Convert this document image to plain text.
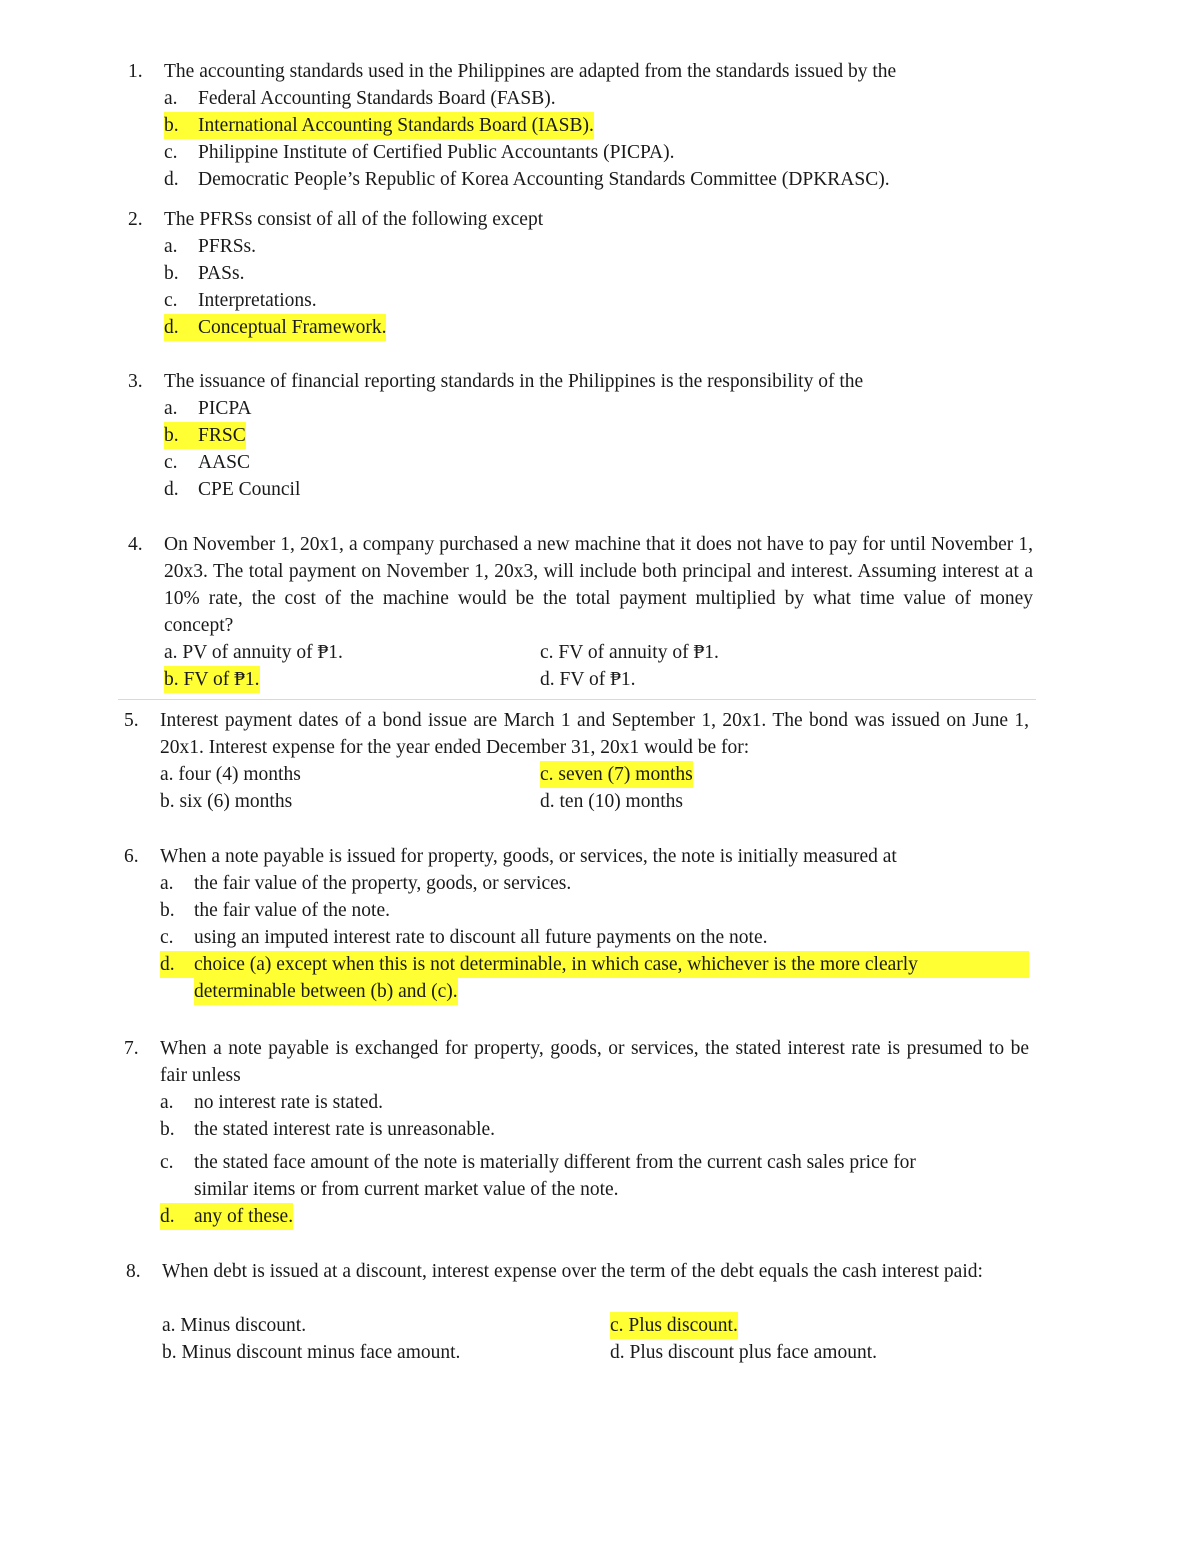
1.	The accounting standards used in the Philippines are adapted from the standards issued by the
a. Federal Accounting Standards Board (FASB).
b. International Accounting Standards Board (IASB).
c. Philippine Institute of Certified Public Accountants (PICPA).
d. Democratic People’s Republic of Korea Accounting Standards Committee (DPKRASC).
2.	The PFRSs consist of all of the following except
a. PFRSs.
b. PASs.
c. Interpretations.
d. Conceptual Framework.
3.	The issuance of financial reporting standards in the Philippines is the responsibility of the
a. PICPA
b. FRSC
c. AASC
d. CPE Council
4.	On November 1, 20x1, a company purchased a new machine that it does not have to pay for until November 1, 20x3. The total payment on November 1, 20x3, will include both principal and interest. Assuming interest at a 10% rate, the cost of the machine would be the total payment multiplied by what time value of money concept?
a. PV of annuity of ₱1.	c. FV of annuity of ₱1.
b. FV of ₱1.	d. FV of ₱1.
5.	Interest payment dates of a bond issue are March 1 and September 1, 20x1. The bond was issued on June 1, 20x1. Interest expense for the year ended December 31, 20x1 would be for:
a. four (4) months	c. seven (7) months
b. six (6) months	d. ten (10) months
6.	When a note payable is issued for property, goods, or services, the note is initially measured at
a. the fair value of the property, goods, or services.
b. the fair value of the note.
c. using an imputed interest rate to discount all future payments on the note.
d. choice (a) except when this is not determinable, in which case, whichever is the more clearly
determinable between (b) and (c).
7.	When a note payable is exchanged for property, goods, or services, the stated interest rate is presumed to be fair unless
a. no interest rate is stated.
b. the stated interest rate is unreasonable.
c. the stated face amount of the note is materially different from the current cash sales price for
similar items or from current market value of the note.
d. any of these.
8.	When debt is issued at a discount, interest expense over the term of the debt equals the cash interest paid:
a. Minus discount.	c. Plus discount.
b. Minus discount minus face amount.	d. Plus discount plus face amount.
